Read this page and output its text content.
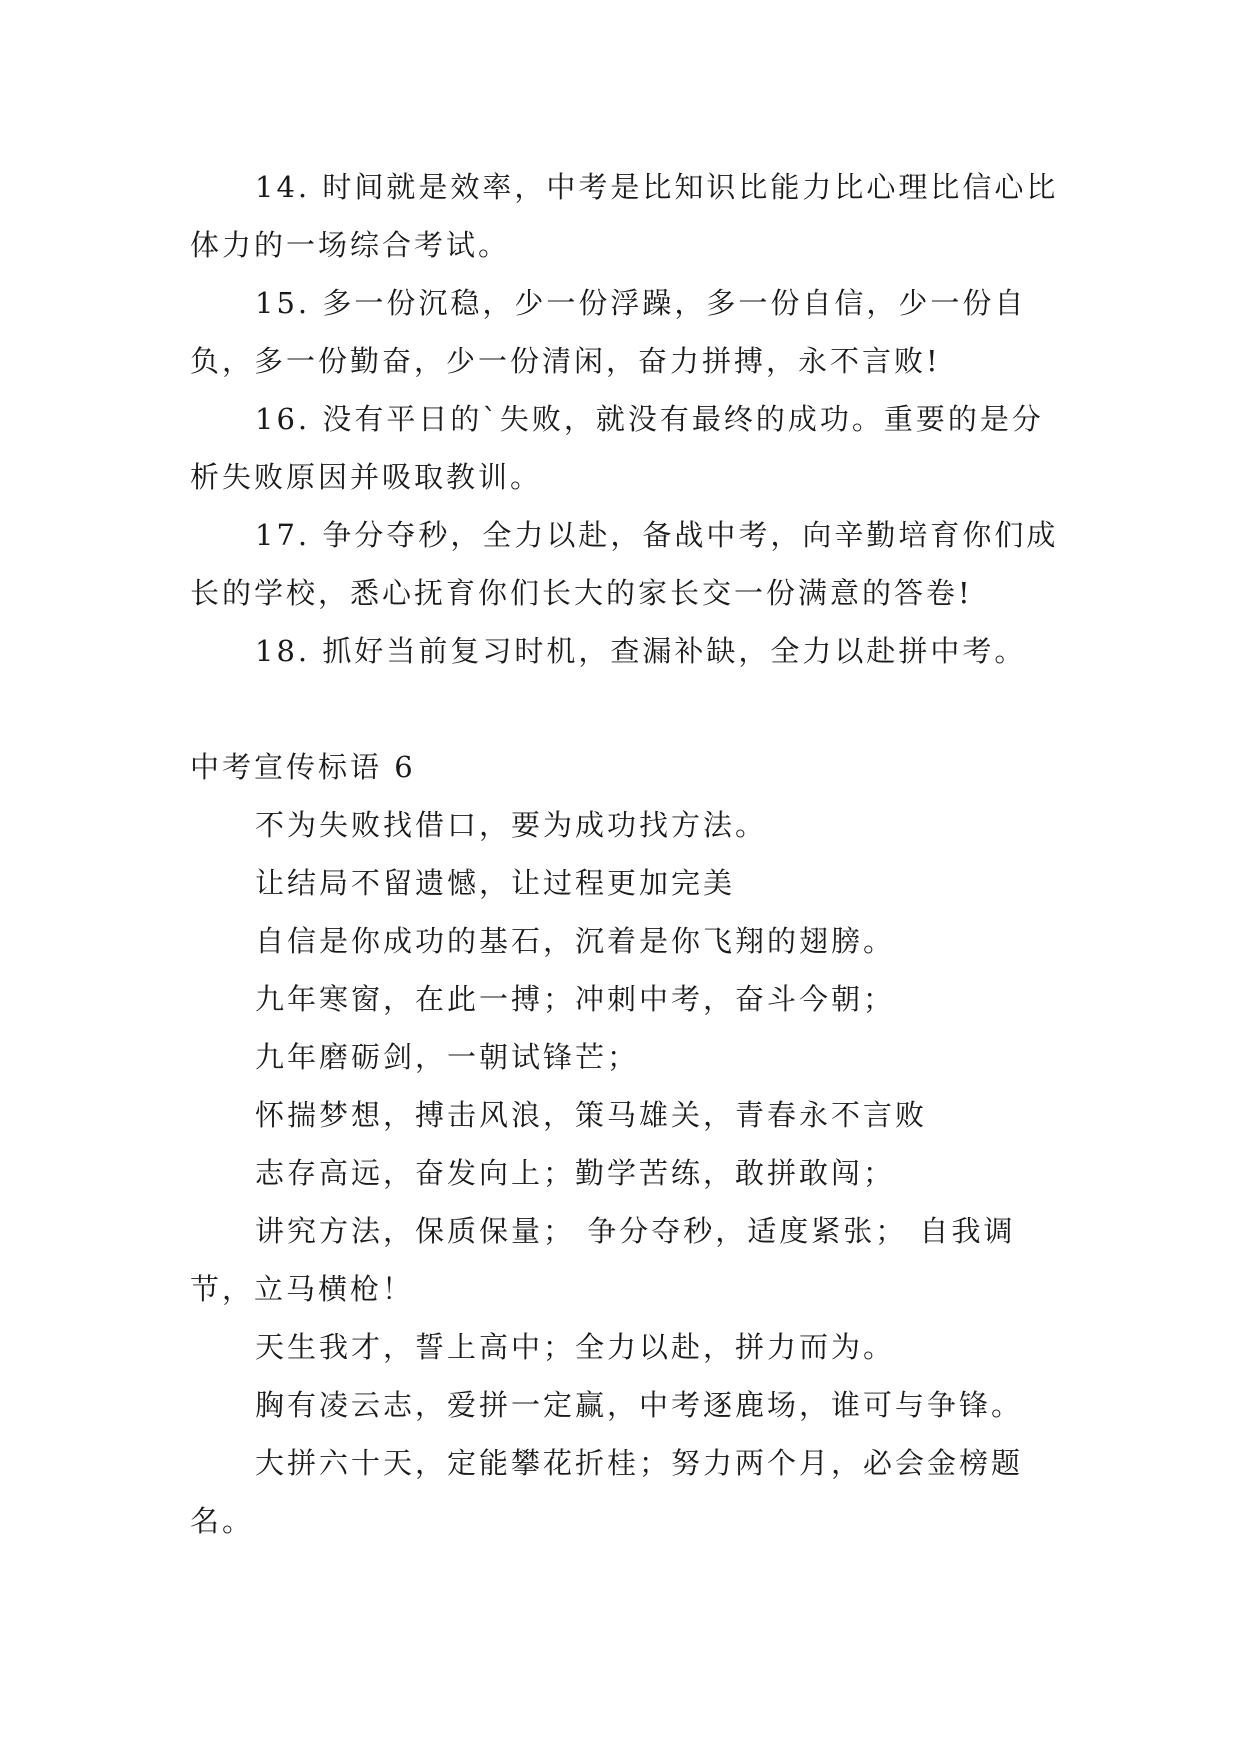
14. 时间就是效率，中考是比知识比能力比心理比信心比体力的一场综合考试。

15. 多一份沉稳，少一份浮躁，多一份自信，少一份自负，多一份勤奋，少一份清闲，奋力拼搏，永不言败!

16. 没有平日的`失败，就没有最终的成功。重要的是分析失败原因并吸取教训。

17. 争分夺秒，全力以赴，备战中考，向辛勤培育你们成长的学校，悉心抚育你们长大的家长交一份满意的答卷!

18. 抓好当前复习时机，查漏补缺，全力以赴拼中考。

中考宣传标语 6

不为失败找借口，要为成功找方法。

让结局不留遗憾，让过程更加完美

自信是你成功的基石，沉着是你飞翔的翅膀。

九年寒窗，在此一搏；冲刺中考，奋斗今朝；

九年磨砺剑，一朝试锋芒；

怀揣梦想，搏击风浪，策马雄关，青春永不言败

志存高远，奋发向上；勤学苦练，敢拼敢闯；

讲究方法，保质保量； 争分夺秒，适度紧张； 自我调节，立马横枪！

天生我才，誓上高中；全力以赴，拼力而为。

胸有凌云志，爱拼一定赢，中考逐鹿场，谁可与争锋。

大拼六十天，定能攀花折桂；努力两个月，必会金榜题名。
